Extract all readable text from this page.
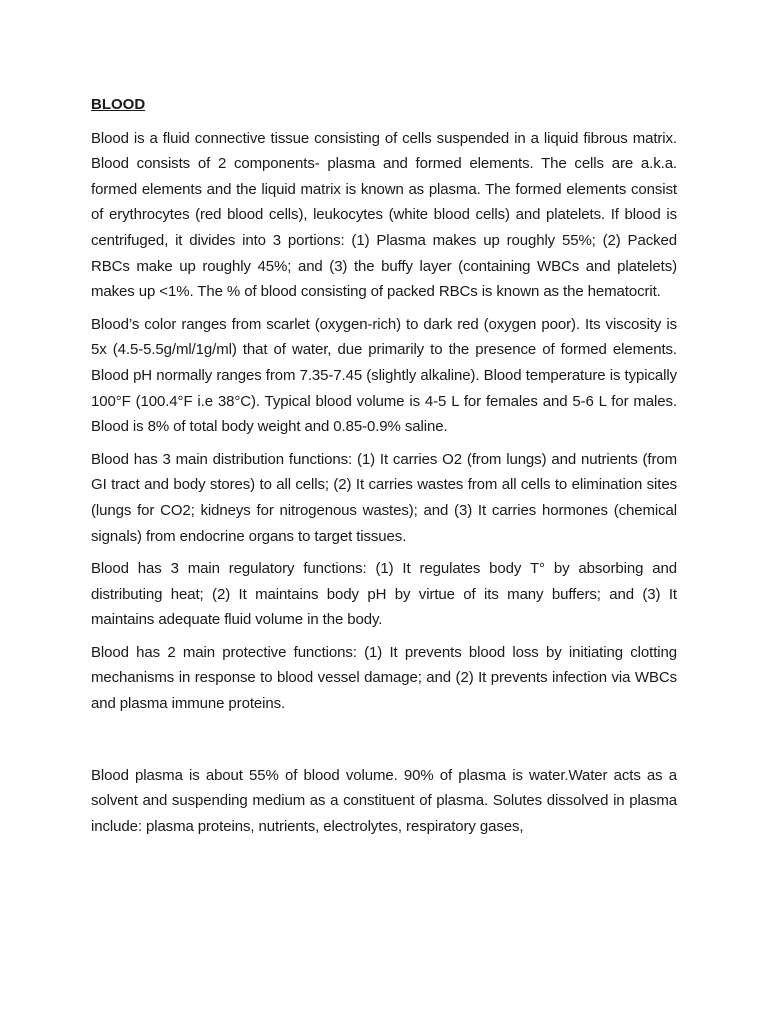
BLOOD

Blood is a fluid connective tissue consisting of cells suspended in a liquid fibrous matrix. Blood consists of 2 components- plasma and formed elements. The cells are a.k.a. formed elements and the liquid matrix is known as plasma. The formed elements consist of erythrocytes (red blood cells), leukocytes (white blood cells) and platelets. If blood is centrifuged, it divides into 3 portions: (1) Plasma makes up roughly 55%; (2) Packed RBCs make up roughly 45%; and (3) the buffy layer (containing WBCs and platelets) makes up <1%. The % of blood consisting of packed RBCs is known as the hematocrit.

Blood’s color ranges from scarlet (oxygen-rich) to dark red (oxygen poor). Its viscosity is 5x (4.5-5.5g/ml/1g/ml) that of water, due primarily to the presence of formed elements. Blood pH normally ranges from 7.35-7.45 (slightly alkaline). Blood temperature is typically 100°F (100.4°F i.e 38°C). Typical blood volume is 4-5 L for females and 5-6 L for males. Blood is 8% of total body weight and 0.85-0.9% saline.

Blood has 3 main distribution functions: (1) It carries O2 (from lungs) and nutrients (from GI tract and body stores) to all cells; (2) It carries wastes from all cells to elimination sites (lungs for CO2; kidneys for nitrogenous wastes); and (3) It carries hormones (chemical signals) from endocrine organs to target tissues.

Blood has 3 main regulatory functions: (1) It regulates body T° by absorbing and distributing heat; (2) It maintains body pH by virtue of its many buffers; and (3) It maintains adequate fluid volume in the body.

Blood has 2 main protective functions: (1) It prevents blood loss by initiating clotting mechanisms in response to blood vessel damage; and (2) It prevents infection via WBCs and plasma immune proteins.

Blood plasma is about 55% of blood volume. 90% of plasma is water.Water acts as a solvent and suspending medium as a constituent of plasma. Solutes dissolved in plasma include: plasma proteins, nutrients, electrolytes, respiratory gases,
